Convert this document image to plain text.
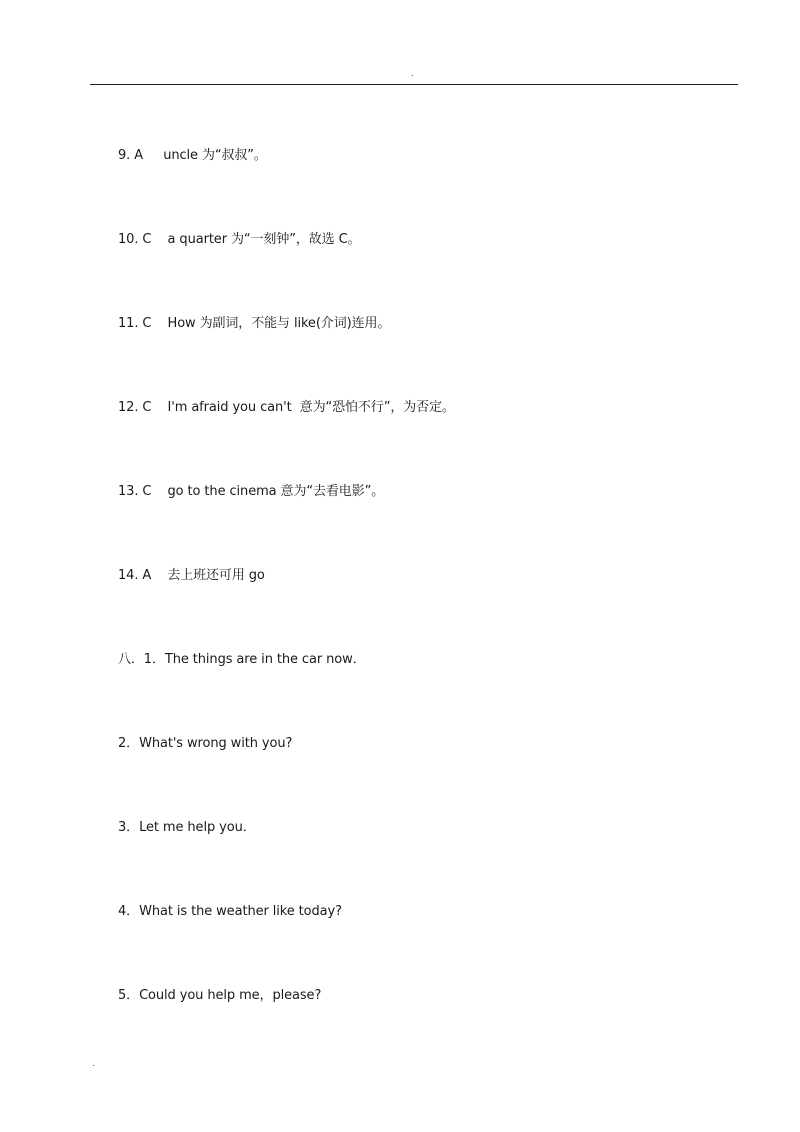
.
9. A     uncle 为“叔叔”。
10. C    a quarter 为“一刻钟”，故选 C。
11. C    How 为副词，不能与 like(介词)连用。
12. C    I'm afraid you can't  意为“恐怕不行”，为否定。
13. C    go to the cinema 意为“去看电影”。
14. A    去上班还可用 go
八．1．The things are in the car now．
2．What's wrong with you?
3．Let me help you．
4．What is the weather like today?
5．Could you help me，please?
.
